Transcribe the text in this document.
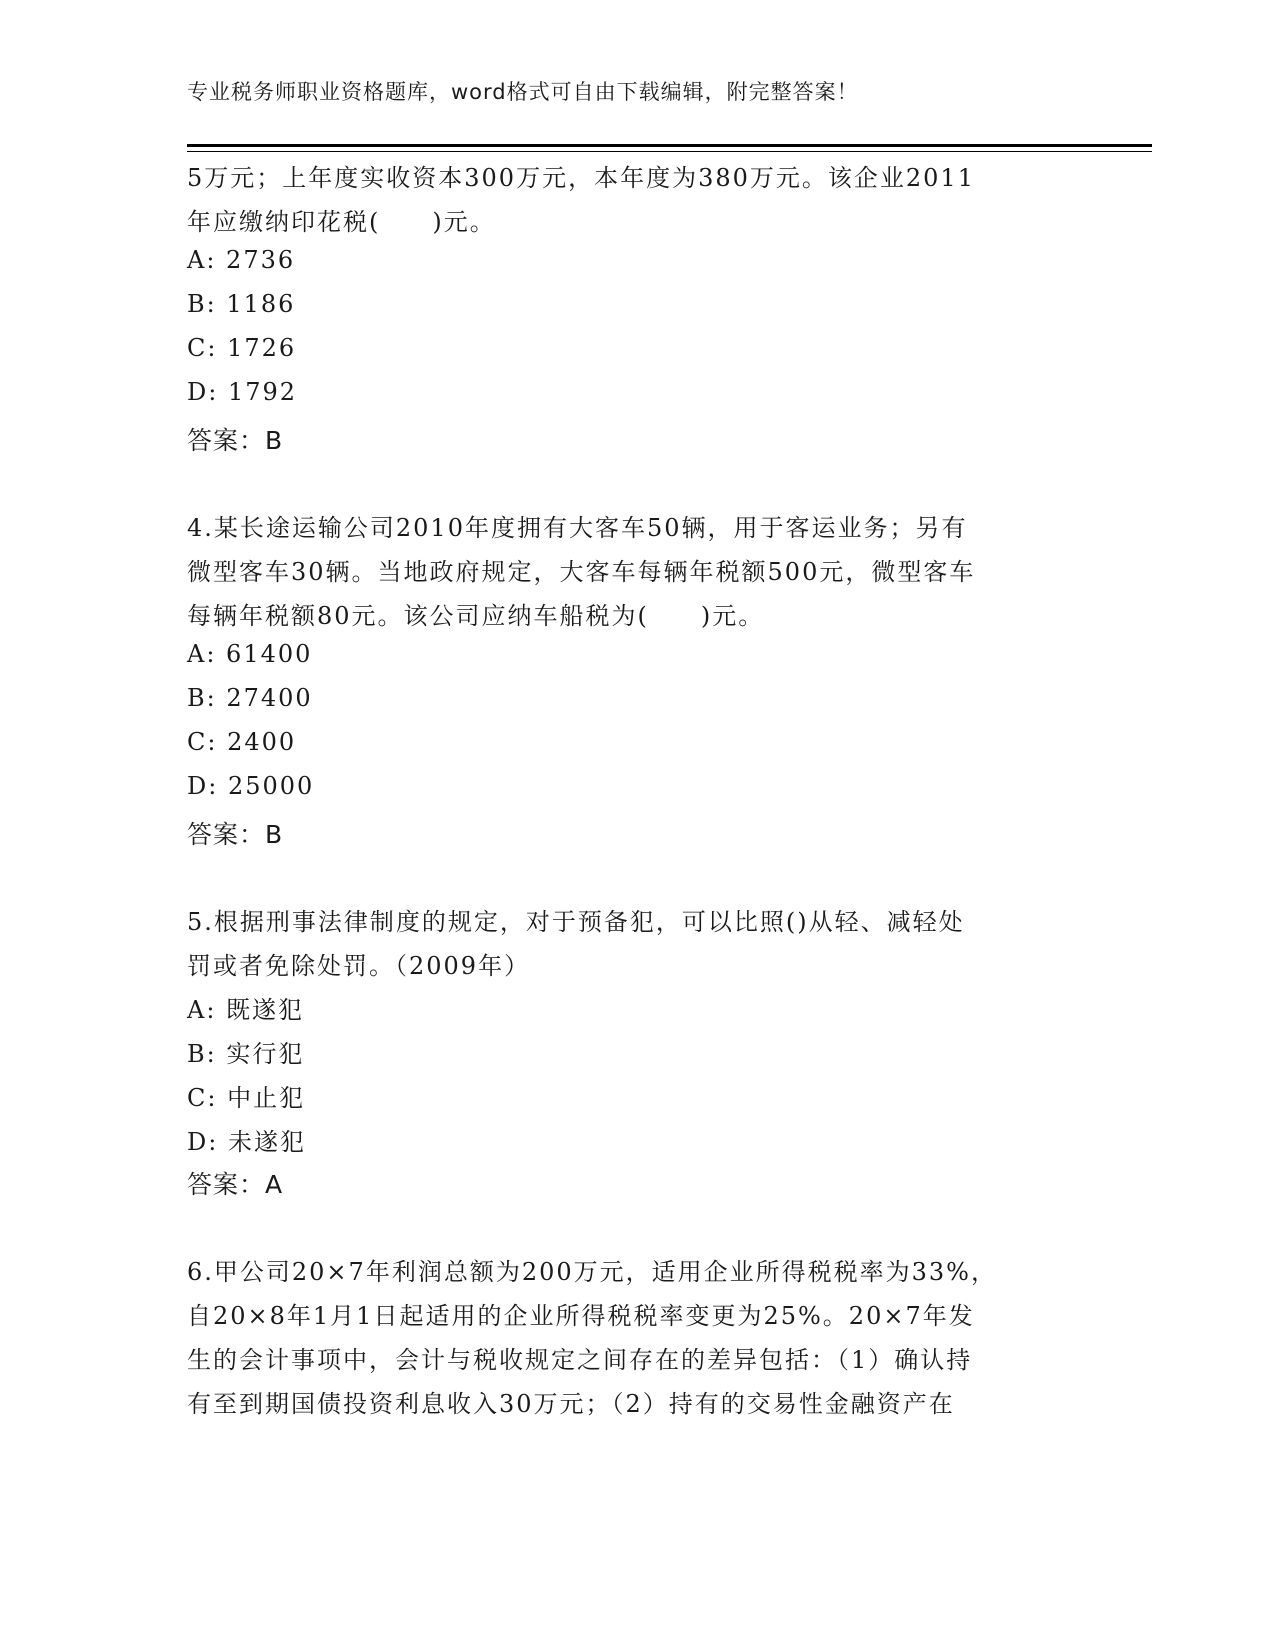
专业税务师职业资格题库，word格式可自由下载编辑，附完整答案！
5万元；上年度实收资本300万元，本年度为380万元。该企业2011
年应缴纳印花税(　　)元。
A: 2736
B: 1186
C: 1726
D: 1792
答案：B
4.某长途运输公司2010年度拥有大客车50辆，用于客运业务；另有
微型客车30辆。当地政府规定，大客车每辆年税额500元，微型客车
每辆年税额80元。该公司应纳车船税为(　　)元。
A: 61400
B: 27400
C: 2400
D: 25000
答案：B
5.根据刑事法律制度的规定，对于预备犯，可以比照()从轻、减轻处
罚或者免除处罚。（2009年）
A: 既遂犯
B: 实行犯
C: 中止犯
D: 未遂犯
答案：A
6.甲公司20×7年利润总额为200万元，适用企业所得税税率为33%，
自20×8年1月1日起适用的企业所得税税率变更为25%。20×7年发
生的会计事项中，会计与税收规定之间存在的差异包括：（1）确认持
有至到期国债投资利息收入30万元；（2）持有的交易性金融资产在
